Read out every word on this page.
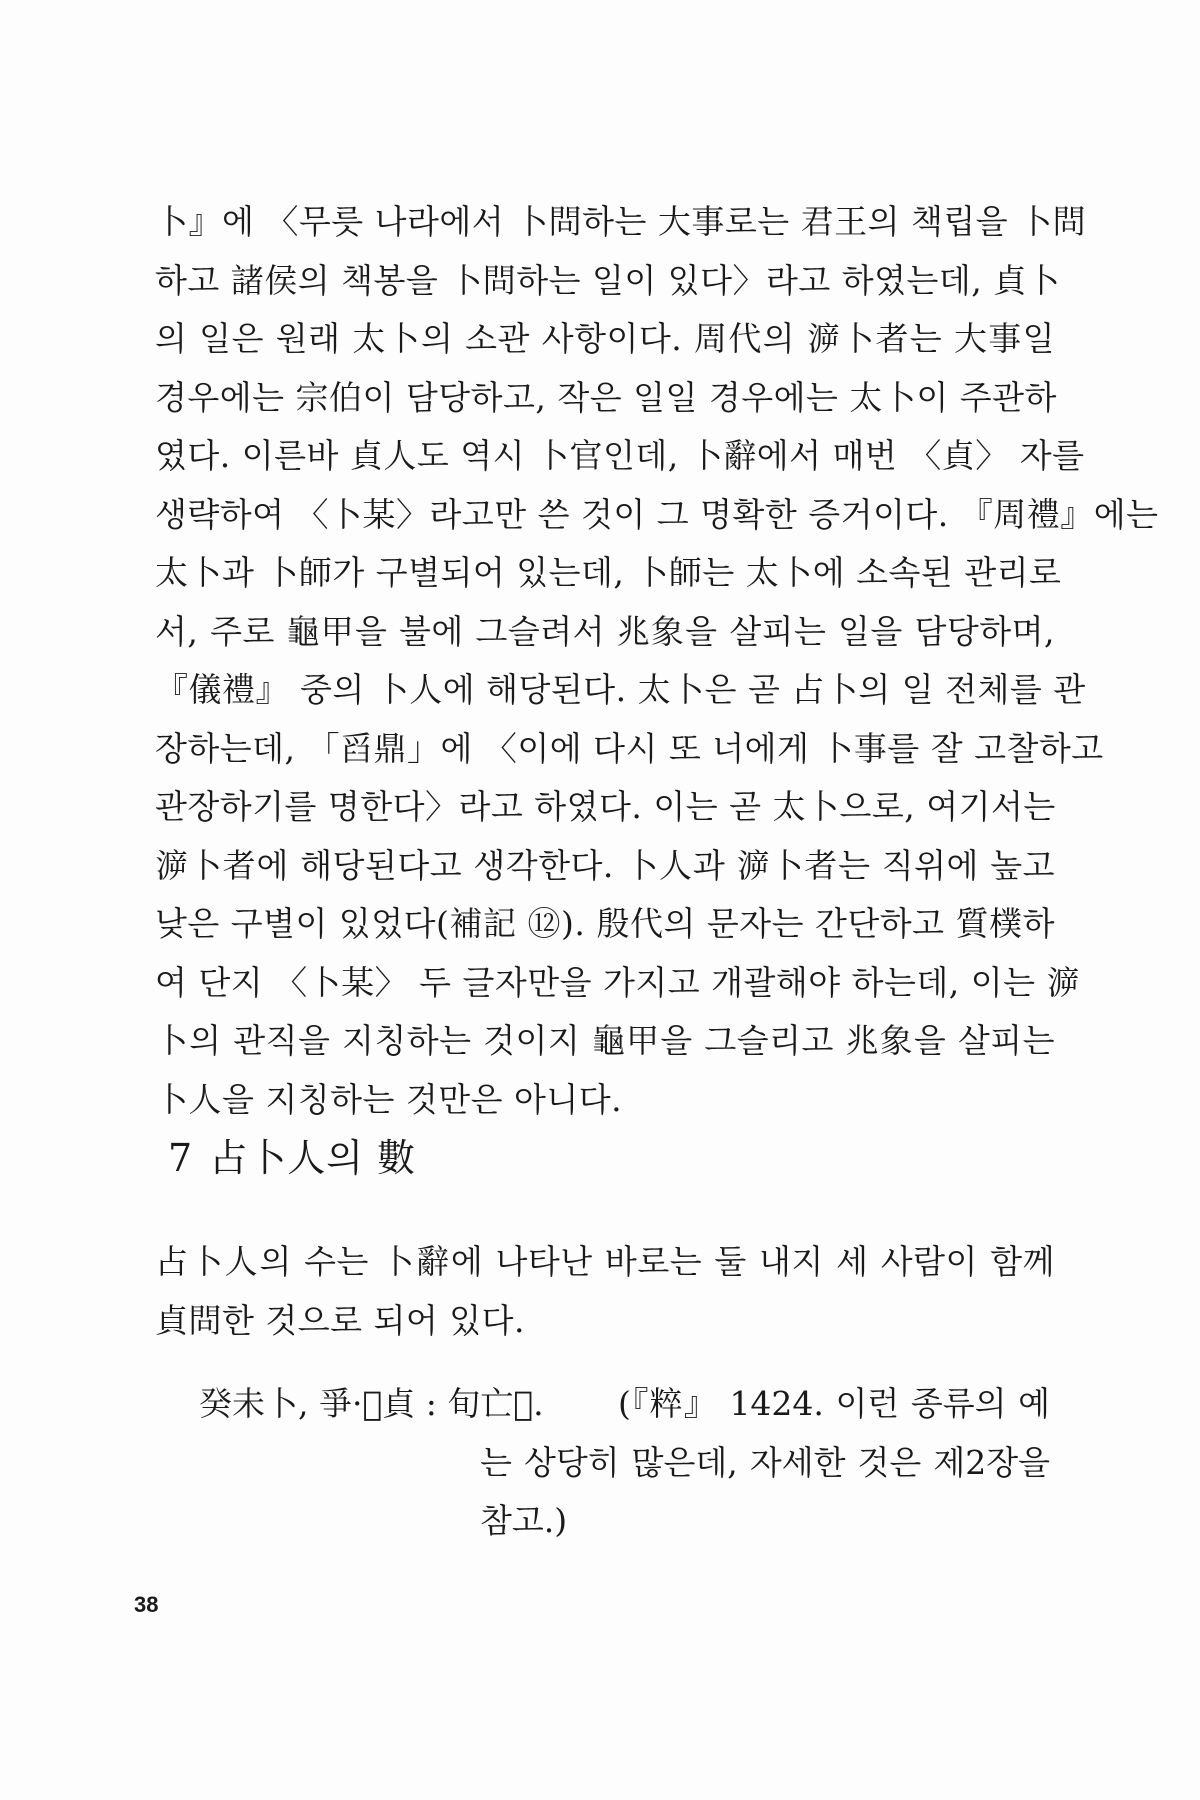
卜』에 〈무릇 나라에서 卜問하는 大事로는 君王의 책립을 卜問
하고 諸侯의 책봉을 卜問하는 일이 있다〉라고 하였는데, 貞卜
의 일은 원래 太卜의 소관 사항이다. 周代의 㴑卜者는 大事일
경우에는 宗伯이 담당하고, 작은 일일 경우에는 太卜이 주관하
였다. 이른바 貞人도 역시 卜官인데, 卜辭에서 매번 〈貞〉 자를
생략하여 〈卜某〉라고만 쓴 것이 그 명확한 증거이다. 『周禮』에는
太卜과 卜師가 구별되어 있는데, 卜師는 太卜에 소속된 관리로
서, 주로 龜甲을 불에 그슬려서 兆象을 살피는 일을 담당하며,
『儀禮』 중의 卜人에 해당된다. 太卜은 곧 占卜의 일 전체를 관
장하는데, 「舀鼎」에 〈이에 다시 또 너에게 卜事를 잘 고찰하고
관장하기를 명한다〉라고 하였다. 이는 곧 太卜으로, 여기서는
㴑卜者에 해당된다고 생각한다. 卜人과 㴑卜者는 직위에 높고
낮은 구별이 있었다(補記 ⑫). 殷代의 문자는 간단하고 質樸하
여 단지 〈卜某〉 두 글자만을 가지고 개괄해야 하는데, 이는 㴑
卜의 관직을 지칭하는 것이지 龜甲을 그슬리고 兆象을 살피는
卜人을 지칭하는 것만은 아니다.
7 占卜人의 數
占卜人의 수는 卜辭에 나타난 바로는 둘 내지 세 사람이 함께
貞問한 것으로 되어 있다.
癸未卜, 爭·𡧊貞 : 旬亡𡆥.	(『粹』 1424. 이런 종류의 예
는 상당히 많은데, 자세한 것은 제2장을
참고.)
38
